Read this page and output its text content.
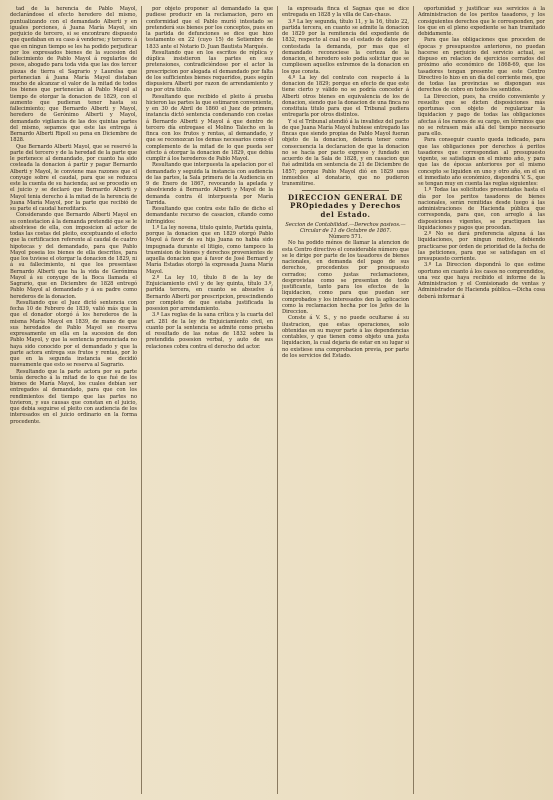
tad de la herencia de Pablo Mayol, declarándose el efecto heredero del mismo, puntualizando con el demandado Alberti y en iguales porciones, á Juana María Mayol, sin perjuicio de tercero, si se encontrare dispuesto que quedaban en su caso á venderse; y tercero: á que en ningun tiempo se les ha podido perjudicar por los expresados bienes de la sucesion del fallecimiento de Pablo Mayol á regularlos de pesos, abogado para toda vida que las dos tercer piezas de tierra el Sagrario y Laurelsa que pertenecian á Juana María Mayol distaban mucho de alcanzar el valor de la mitad de todos los bienes que pertenecían al Pablo Mayol al tiempo de otorgar la donacion de 1829, con el aumento que pudieran tener hasta su fallecimiento; que Bernardo Alberti y Mayol, heredero de Gerónimo Alberti y Mayol, demandado vigilancia de las dos quintas partes del mismo, sepamos que este las entrega á Bernardo Alberti Ripoll su pena en Diciembre de 1828.

Que Bernardo Alberti Mayol, que se reservó la parte del tercero y de la heredad de la parte que le pertenece al demandado, por cuanto ha sido costeada la donacion á partir y pagar Bernardo Alberti y Mayol, le conviene mas razones que el conyuge sobre el caudal, para que se reduzca este la cuenta de su hacienda; asi se procedio en el juicio y se declaró que Bernardo Alberti y Mayol tenia derecho á la mitad de la herencia de Juana María Mayol, por la parte que recibió de su parte el caudal hereditario.

Considerando que Bernardo Alberti Mayol en su contestacion á la demanda pretendió que se le absolviese de ella, con imposicion al actor de todas las costas del pleito, exceptuando el efecto que la certificacion referente al caudal de cuatro hipotecas y del demandado, para que Pablo Mayol poseia los bienes de ella descritos, para que los tuviese el otorgar la donacion de 1829, ni á su fallecimiento, ni que los presentase Bernardo Alberti que ha la vida de Gerónima Mayol á su conyuge de la Boca llamada el Sagrario, que en Diciembre de 1828 entregó Pablo Mayol al demandado y á su padre como herederos de la donacion.

Resultando que el Juez dictó sentencia con fecha 10 de Febrero de 1839, valió más que la que el donador otorgó á los herederos de la misma María Mayol en 1839, de mano de que sus heredados de Pablo Mayol se reserva expresamente en ella en la sucesion de don Pablo Mayol, y que la sentencia pronunciada no haya sido conocido por el demandado y que la parte actora entrega sus frutos y rentas, por lo que en la segunda instancia se decidió nuevamente que esto se reserva al Sagrario.

Resultando que la parte actora por su parte tenía derecho á la mitad de lo que fué de los bienes de María Mayol, los cuales debían ser entregados al demandado, para que con los rendimientos del tiempo que las partes no tuvieron, y sus causas que constan en el juicio, que debia seguirse el pleito con audiencia de los interesados en el juicio ordinario en la forma procedente.

por objeto proponer al demandado la que pudiese producir en la reclamacion, pero en conformidad que el Pablo murió intestado se pretenderá sus bienes por los conceptos, pues en la partida de defunciones se dice que hizo testamento en 22 (cuyo 15) de Setiembre de 1833 ante el Notario D. Juan Bautista Marqués.

Resultando que en los escritos de réplica y dúplica insistieron las partes en sus pretensiones, contradiciéndose por el actor la prescripcion por alegada el demandado por falta de los sufficientes bienes requeridos, pues según dispusiera Alberti por razon de arrendamiento y no por otra titulo.

Resultando que recibido el pleito á prueba hicieron las partes la que estimaron conveniente, y en 30 de Abril de 1860 el Juez de primera instancia dictó sentencia condenando con costas á Bernardo Alberti y Mayol á que dentro de tercero día entregase el Molino Talecho en la finca con los frutos y rentas, al demandado, y que se reconozcan los demas necesarios como el complemento de la mitad de lo que pueda ser efecto á otorgar la donacion de 1829, que debia cumplir á los herederos de Pablo Mayol.

Resultando que interpuesta la apelacion por el demandado y seguida la instancia con audiencia de las partes, la Sala primera de la Audiencia en 9 de Enero de 1867, revocando la apelada y absolviendo á Bernardo Alberti y Mayol de la demanda contra él interpuesta por María Tarrida.

Resultando que contra este fallo de dicho el demandante recurso de casacion, citando como infringidos:

1.º La ley novena, titulo quinto, Partida quinta, porque la donacion que en 1829 otorgó Pablo Mayol á favor de su hija Juana no habia sido impugnada durante el litigio, como tampoco la trasmision de bienes y derechos provenientes de aquella donacion que á favor de José Bernard y María Estadas otorgó la expresada Juana María Mayol.

2.º La ley 10, título 8 de la ley de Enjuiciamiento civil y de ley quinta, título 3.º, partida tercera, en cuanto se absuelve á Bernardo Alberti por prescripcion, prescindiendo por completo de que estaba justificada la posesion por arrendamiento.

3.º Las reglas de la sana crítica y la cuarta del art. 281 de la ley de Enjuiciamiento civil, en cuanto por la sentencia se admite como prueba el resultado de las notas de 1832 sobre la pretendida posesion verbal, y auto de sus relaciones cobra contra el derecho del actor.

la expresada finca el Sagnas que se dice entregada en 1828 y la villa de Can-chaus.

3.º La ley segunda, título 11, y la 16, título 22, partida tercera, en cuanto se admite la donacion de 1829 por la remitencia del expediente de 1832, respecto al cual no el estado de datos por contestada la demanda, por mas que el demandado reconociese la certeza de la donacion, el heredero solo podia solicitar que se cumpliesen aquellos extremos de la donacion en los que consta.

4.º La ley del contrato con respecto á la donacion de 1829; porque en efecto de que este tiene cierto y válido no se podría conceder á Alberti otros bienes en equivalencia de los de donacion, siendo que la donacion de una finca no constituia titulo para que el Tribunal pudiera entregarla por otros distintos.

Y si el Tribunal atendió á la invalidez del pacto de que Juana María Mayol hubiese entregado las fincas que siendo propias de Pablo Mayol fueran objeto de la donacion, deberia tener como consecuencia la declaracion de que la donacion no se hacía por pacto expreso y fundado en acuerdo de la Sala de 1828, y en casacion que fué admitida en sentencia de 21 de Diciembre de 1857; porque Pablo Mayol dió en 1829 unos inmuebles al donatario, que no pudieron transmitirse.

DIRECCION GENERAL DE PROpiedades y Derechos del Estado.

Seccion de Contabilidad.—Derechos pasivos.—Circular de 11 de Octubre de 1867.

Número 571.

No ha podido ménos de llamar la atencion de esta Centro directivo el considerable número que se le dirige por parte de los tasadores de bienes nacionales, en demanda del pago de sus derechos, procedentes por presupuesto cerrados; como justas reclamaciones, desprovistas como se presentan de todo justificante, tanto para los efectos de la liquidacion, como para que puedan ser comprobados y los interesados den la aplicacion como la reclamacion hecha por los Jefes de la Direccion.

Conste á V. S., y no puede ocultarse á su ilustracion, que estas operaciones, solo obtenidas en su mayor parte á las dependencias contables, y que tienen como objeto una justa liquidacion, la cual dejaria de estar en su lugar si no existiese una comprobacion previa, por parte de los servicios del Estado.

oportunidad y justificar sus servicios á la Administracion de los peritos tasadores, y los consiguientes derechos que le corresponden, por los que en el pleno expediente se han tramitado debidamente.

Para que las obligaciones que proceden de épocas y presupuestos anteriores, no puedan hacerse en perjuicio del servicio actual, se dispuso en relacion de ejercicios cerrados del próximo año económico de 1868-69, que los tasadores tengan presente que este Centro Directivo lo hizo en un día del corriente mes, que de todas las provincias se dispongan sus derechos de cobro en todos los sentidos.

La Direccion, pues, ha creído conveniente y resuelto que se dicten disposiciones más oportunas con objeto de regularizar la liquidacion y pago de todas las obligaciones afectas á los ramos de su cargo, en términos que no se retrasen más allá del tiempo necesario para ello.

Para conseguir cuanto queda indicado, para que las obligaciones por derechos á peritos tasadores que correspondan al presupuesto vigente, se satisfagan en el mismo año, y para que las de épocas anteriores por el mismo concepto se liquiden en uno y otro año, en el en el inmediato año económico, dispondrá V. S., que se tengan muy en cuenta las reglas siguientes:

1.º Todas las solicitudes presentadas hasta el día por los peritos tasadores de bienes nacionales, serán remitidas desde luego á las administraciones de Hacienda pública que corresponda, para que, con arreglo á las disposiciones vigentes, se practiquen las liquidaciones y pagos que procedan.

2.º No se dará preferencia alguna á las liquidaciones, por ningun motivo, debiendo practicarse por órden de prioridad de la fecha de las peticiones, para que se satisfagan en el presupuesto corriente.

3.º La Direccion dispondrá lo que estime oportuno en cuanto á los casos no comprendidos, una vez que haya recibido el informe de la Administracion y el Comisionado de ventas y Administrador de Hacienda pública.—Dicha cosa deberá informar á
